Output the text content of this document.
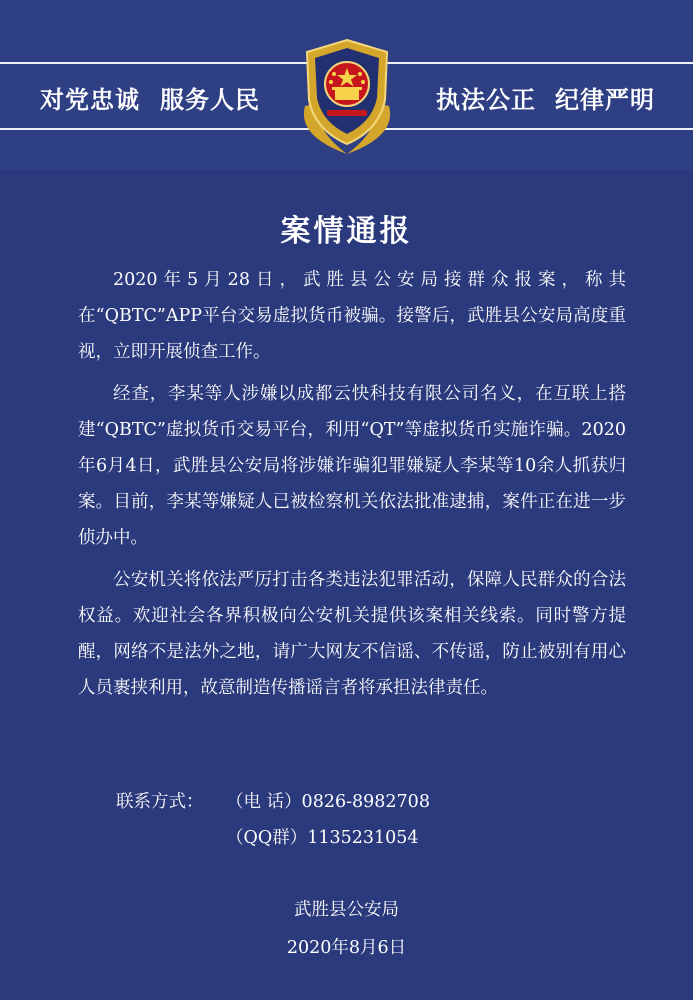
对党忠诚 服务人民	执法公正 纪律严明
案情通报

2020年5月28日，武胜县公安局接群众报案，称其在“QBTC”APP平台交易虚拟货币被骗。接警后，武胜县公安局高度重视，立即开展侦查工作。

经查，李某等人涉嫌以成都云快科技有限公司名义，在互联上搭建“QBTC”虚拟货币交易平台，利用“QT”等虚拟货币实施诈骗。2020年6月4日，武胜县公安局将涉嫌诈骗犯罪嫌疑人李某等10余人抓获归案。目前，李某等嫌疑人已被检察机关依法批准逮捕，案件正在进一步侦办中。

公安机关将依法严厉打击各类违法犯罪活动，保障人民群众的合法权益。欢迎社会各界积极向公安机关提供该案相关线索。同时警方提醒，网络不是法外之地，请广大网友不信谣、不传谣，防止被别有用心人员裹挟利用，故意制造传播谣言者将承担法律责任。

联系方式： （电 话）0826-8982708
（QQ群）1135231054
武胜县公安局
2020年8月6日
